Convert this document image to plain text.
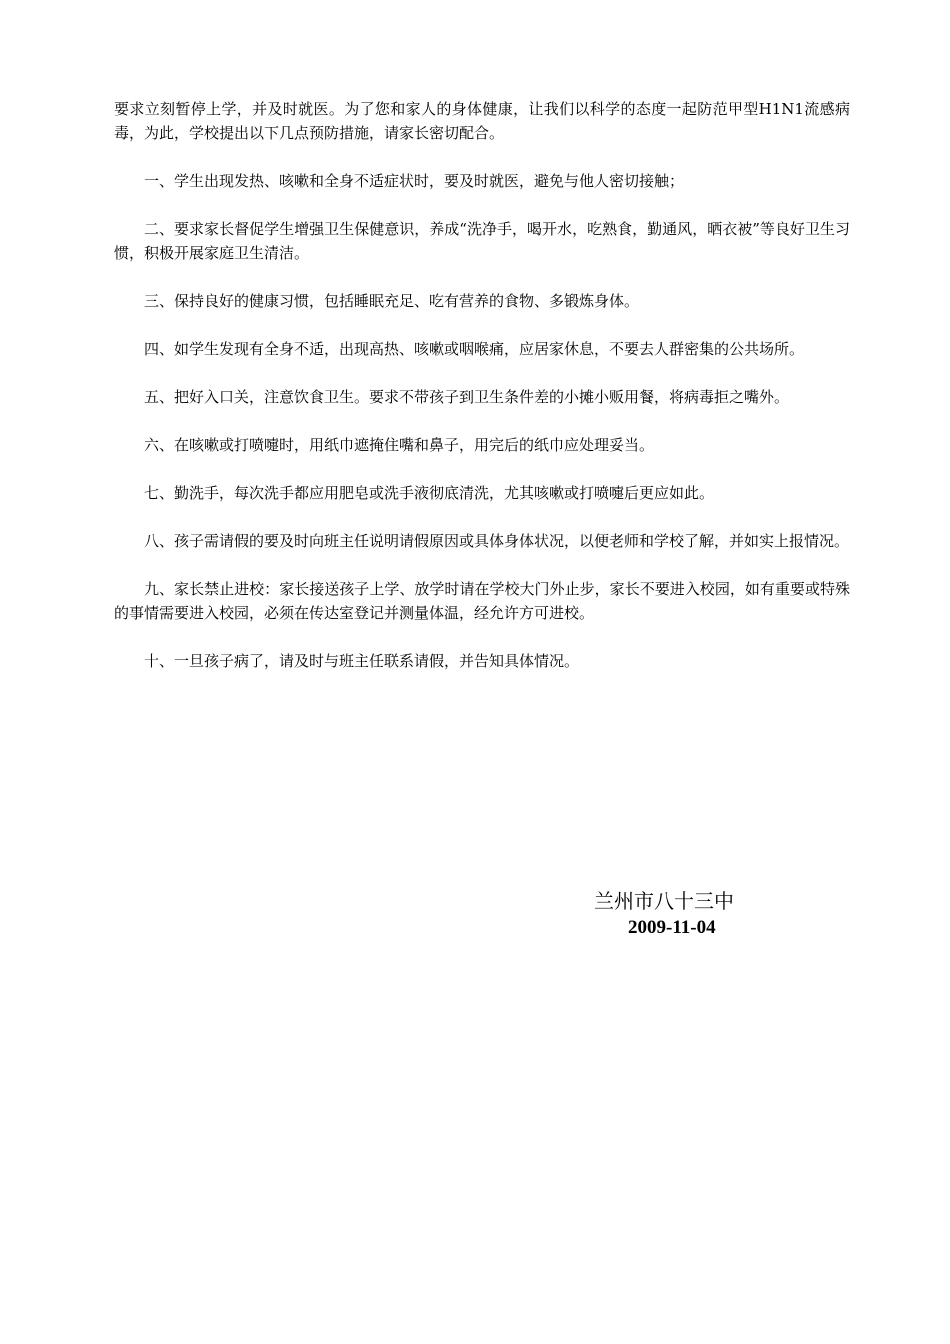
要求立刻暂停上学，并及时就医。为了您和家人的身体健康，让我们以科学的态度一起防范甲型H1N1流感病毒，为此，学校提出以下几点预防措施，请家长密切配合。

一、学生出现发热、咳嗽和全身不适症状时，要及时就医，避免与他人密切接触；

二、要求家长督促学生增强卫生保健意识，养成“洗净手，喝开水，吃熟食，勤通风，晒衣被”等良好卫生习惯，积极开展家庭卫生清洁。

三、保持良好的健康习惯，包括睡眠充足、吃有营养的食物、多锻炼身体。

四、如学生发现有全身不适，出现高热、咳嗽或咽喉痛，应居家休息，不要去人群密集的公共场所。

五、把好入口关，注意饮食卫生。要求不带孩子到卫生条件差的小摊小贩用餐，将病毒拒之嘴外。

六、在咳嗽或打喷嚏时，用纸巾遮掩住嘴和鼻子，用完后的纸巾应处理妥当。

七、勤洗手，每次洗手都应用肥皂或洗手液彻底清洗，尤其咳嗽或打喷嚏后更应如此。

八、孩子需请假的要及时向班主任说明请假原因或具体身体状况，以便老师和学校了解，并如实上报情况。

九、家长禁止进校：家长接送孩子上学、放学时请在学校大门外止步，家长不要进入校园，如有重要或特殊的事情需要进入校园，必须在传达室登记并测量体温，经允许方可进校。

十、一旦孩子病了，请及时与班主任联系请假，并告知具体情况。

兰州市八十三中
2009-11-04
